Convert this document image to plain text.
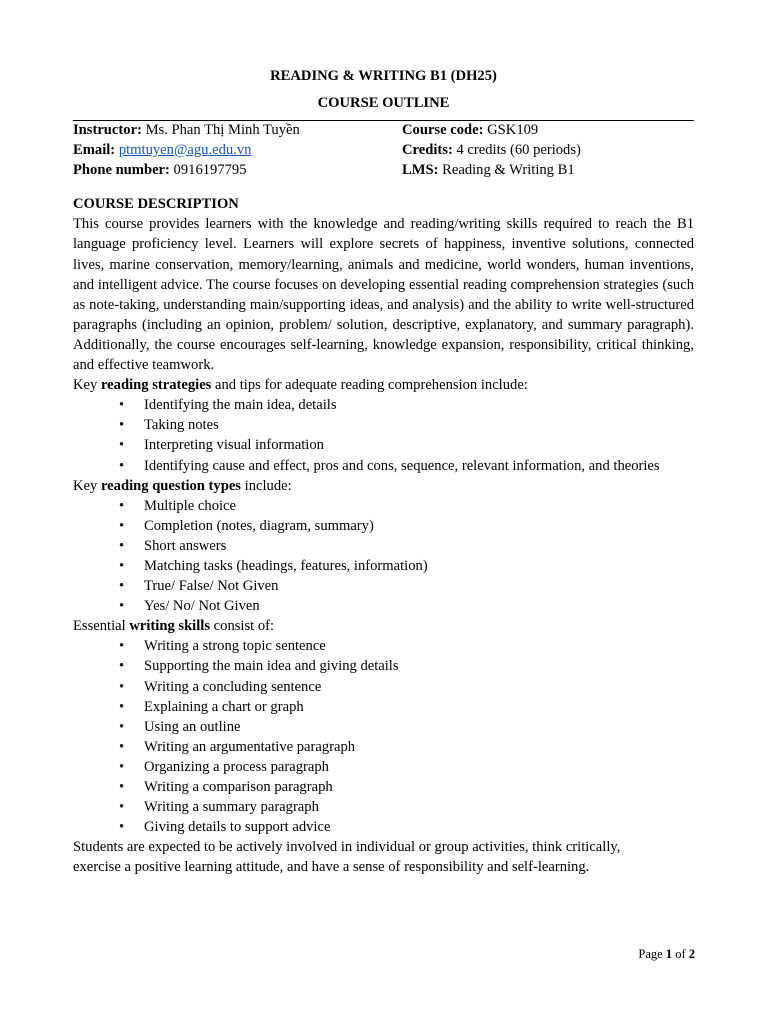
READING & WRITING B1 (DH25)

COURSE OUTLINE

Instructor: Ms. Phan Thị Minh Tuyền	Course code: GSK109
Email: ptmtuyen@agu.edu.vn	Credits: 4 credits (60 periods)
Phone number: 0916197795	LMS: Reading & Writing B1
COURSE DESCRIPTION

This course provides learners with the knowledge and reading/writing skills required to reach the B1 language proficiency level. Learners will explore secrets of happiness, inventive solutions, connected lives, marine conservation, memory/learning, animals and medicine, world wonders, human inventions, and intelligent advice. The course focuses on developing essential reading comprehension strategies (such as note-taking, understanding main/supporting ideas, and analysis) and the ability to write well-structured paragraphs (including an opinion, problem/ solution, descriptive, explanatory, and summary paragraph). Additionally, the course encourages self-learning, knowledge expansion, responsibility, critical thinking, and effective teamwork.

Key reading strategies and tips for adequate reading comprehension include:

• Identifying the main idea, details
• Taking notes
• Interpreting visual information
• Identifying cause and effect, pros and cons, sequence, relevant information, and theories

Key reading question types include:

• Multiple choice
• Completion (notes, diagram, summary)
• Short answers
• Matching tasks (headings, features, information)
• True/ False/ Not Given
• Yes/ No/ Not Given

Essential writing skills consist of:

• Writing a strong topic sentence
• Supporting the main idea and giving details
• Writing a concluding sentence
• Explaining a chart or graph
• Using an outline
• Writing an argumentative paragraph
• Organizing a process paragraph
• Writing a comparison paragraph
• Writing a summary paragraph
• Giving details to support advice

Students are expected to be actively involved in individual or group activities, think critically,

exercise a positive learning attitude, and have a sense of responsibility and self-learning.

Page 1 of 2
